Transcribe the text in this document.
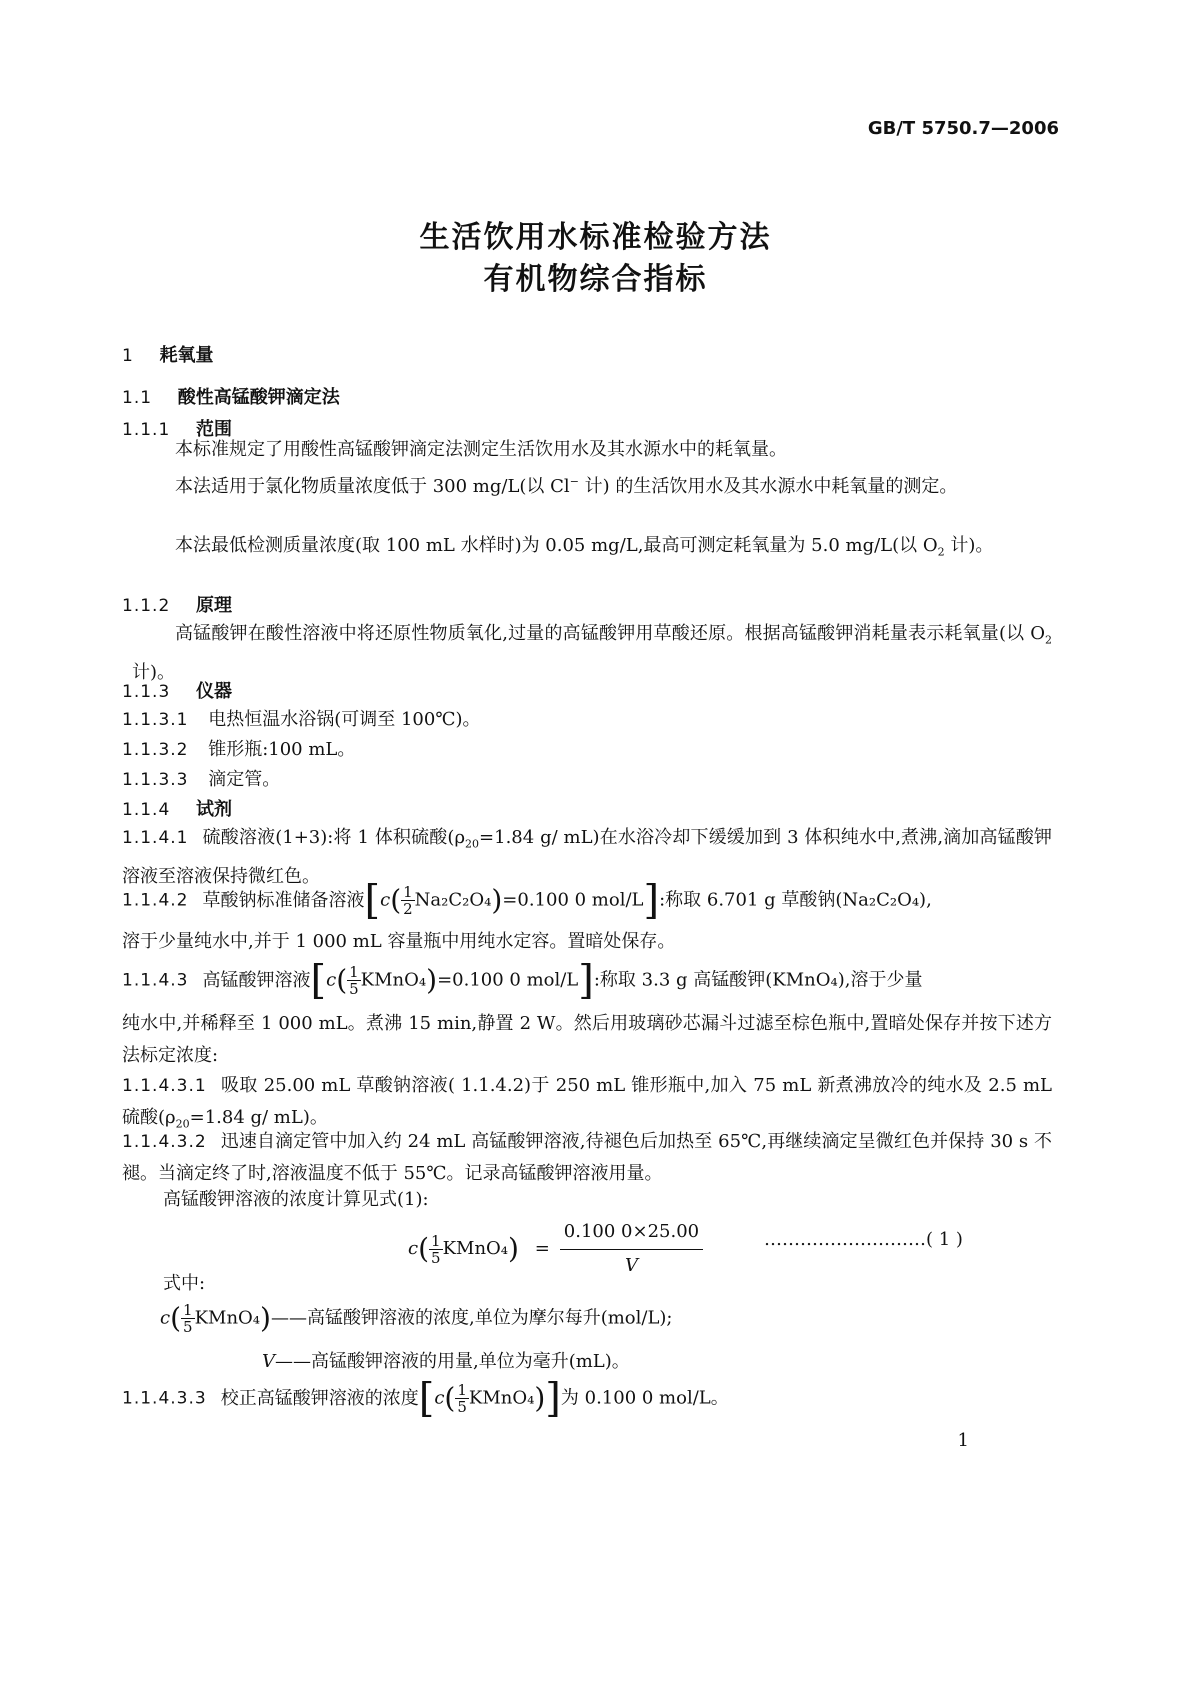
GB/T 5750.7—2006
生活饮用水标准检验方法
有机物综合指标
1 耗氧量
1.1 酸性高锰酸钾滴定法
1.1.1 范围
本标准规定了用酸性高锰酸钾滴定法测定生活饮用水及其水源水中的耗氧量。
本法适用于氯化物质量浓度低于 300 mg/L(以 Cl− 计) 的生活饮用水及其水源水中耗氧量的测定。
本法最低检测质量浓度(取 100 mL 水样时)为 0.05 mg/L,最高可测定耗氧量为 5.0 mg/L(以 $O_2$ 计)。
1.1.2 原理
高锰酸钾在酸性溶液中将还原性物质氧化,过量的高锰酸钾用草酸还原。根据高锰酸钾消耗量表示耗氧量(以 $O_2$ 计)。
1.1.3 仪器
1.1.3.1 电热恒温水浴锅(可调至 100℃)。
1.1.3.2 锥形瓶:100 mL。
1.1.3.3 滴定管。
1.1.4 试剂
1.1.4.1 硫酸溶液(1+3):将 1 体积硫酸($\rho_{20}=1.84$ g/ mL)在水浴冷却下缓缓加到 3 体积纯水中,煮沸,滴加高锰酸钾溶液至溶液保持微红色。
1.1.4.2 草酸钠标准储备溶液[$c( \frac{1}{2} Na_2C_2O_4)=0.100$ 0 mol/L]:称取 6.701 g 草酸钠(Na₂C₂O₄),
溶于少量纯水中,并于 1 000 mL 容量瓶中用纯水定容。置暗处保存。
1.1.4.3 高锰酸钾溶液[$c( \frac{1}{5}$ KMnO₄)=0.100 0 mol/L]:称取 3.3 g 高锰酸钾(KMnO₄),溶于少量
纯水中,并稀释至 1 000 mL。煮沸 15 min,静置 2 W。然后用玻璃砂芯漏斗过滤至棕色瓶中,置暗处保存并按下述方法标定浓度:
1.1.4.3.1 吸取 25.00 mL 草酸钠溶液( 1.1.4.2)于 250 mL 锥形瓶中,加入 75 mL 新煮沸放冷的纯水及 2.5 mL 硫酸($\rho_{20}=1.84$ g/ mL)。
1.1.4.3.2 迅速自滴定管中加入约 24 mL 高锰酸钾溶液,待褪色后加热至 65℃,再继续滴定呈微红色并保持 30 s 不褪。当滴定终了时,溶液温度不低于 55℃。记录高锰酸钾溶液用量。
高锰酸钾溶液的浓度计算见式(1):
$c( \frac{1}{5}$ KMnO₄) = $\frac{0.100 0\times 25.00}{V}$	………………………( 1 )
式中:
$c( \frac{1}{5}$ KMnO₄)——高锰酸钾溶液的浓度,单位为摩尔每升(mol/L);
V——高锰酸钾溶液的用量,单位为毫升(mL)。
1.1.4.3.3 校正高锰酸钾溶液的浓度[$c( \frac{1}{5}$ KMnO₄)]为 0.100 0 mol/L。
1
